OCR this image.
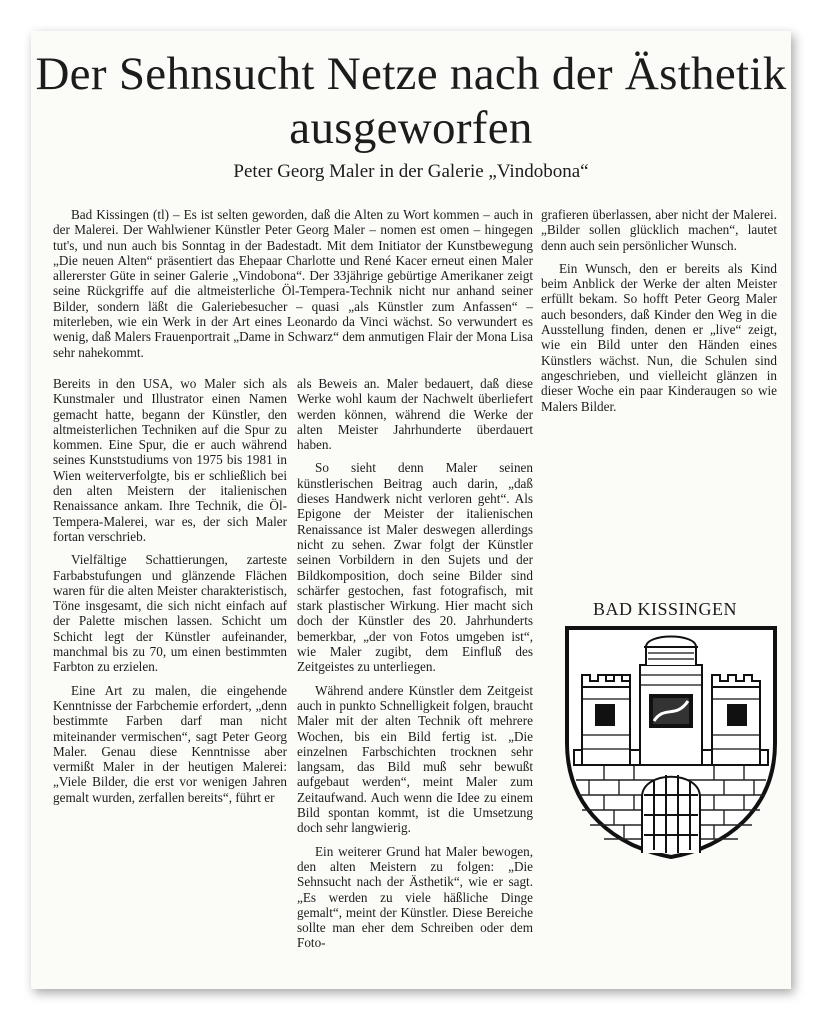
Der Sehnsucht Netze nach der Ästhetik ausgeworfen
Peter Georg Maler in der Galerie „Vindobona“

Bad Kissingen (tl) – Es ist selten geworden, daß die Alten zu Wort kommen – auch in der Malerei. Der Wahlwiener Künstler Peter Georg Maler – nomen est omen – hingegen tut's, und nun auch bis Sonntag in der Badestadt. Mit dem Initiator der Kunstbewegung „Die neuen Alten“ präsentiert das Ehepaar Charlotte und René Kacer erneut einen Maler allererster Güte in seiner Galerie „Vindobona“. Der 33jährige gebürtige Amerikaner zeigt seine Rückgriffe auf die altmeisterliche Öl-Tempera-Technik nicht nur anhand seiner Bilder, sondern läßt die Galeriebesucher – quasi „als Künstler zum Anfassen“ – miterleben, wie ein Werk in der Art eines Leonardo da Vinci wächst. So verwundert es wenig, daß Malers Frauenportrait „Dame in Schwarz“ dem anmutigen Flair der Mona Lisa sehr nahekommt.

Bereits in den USA, wo Maler sich als Kunstmaler und Illustrator einen Namen gemacht hatte, begann der Künstler, den altmeisterlichen Techniken auf die Spur zu kommen. Eine Spur, die er auch während seines Kunststudiums von 1975 bis 1981 in Wien weiterverfolgte, bis er schließlich bei den alten Meistern der italienischen Renaissance ankam. Ihre Technik, die Öl-Tempera-Malerei, war es, der sich Maler fortan verschrieb.

Vielfältige Schattierungen, zarteste Farbabstufungen und glänzende Flächen waren für die alten Meister charakteristisch, Töne insgesamt, die sich nicht einfach auf der Palette mischen lassen. Schicht um Schicht legt der Künstler aufeinander, manchmal bis zu 70, um einen bestimmten Farbton zu erzielen.

Eine Art zu malen, die eingehende Kenntnisse der Farbchemie erfordert, „denn bestimmte Farben darf man nicht miteinander vermischen“, sagt Peter Georg Maler. Genau diese Kenntnisse aber vermißt Maler in der heutigen Malerei: „Viele Bilder, die erst vor wenigen Jahren gemalt wurden, zerfallen bereits“, führt er

als Beweis an. Maler bedauert, daß diese Werke wohl kaum der Nachwelt überliefert werden können, während die Werke der alten Meister Jahrhunderte überdauert haben.

So sieht denn Maler seinen künstlerischen Beitrag auch darin, „daß dieses Handwerk nicht verloren geht“. Als Epigone der Meister der italienischen Renaissance ist Maler deswegen allerdings nicht zu sehen. Zwar folgt der Künstler seinen Vorbildern in den Sujets und der Bildkomposition, doch seine Bilder sind schärfer gestochen, fast fotografisch, mit stark plastischer Wirkung. Hier macht sich doch der Künstler des 20. Jahrhunderts bemerkbar, „der von Fotos umgeben ist“, wie Maler zugibt, dem Einfluß des Zeitgeistes zu unterliegen.

Während andere Künstler dem Zeitgeist auch in punkto Schnelligkeit folgen, braucht Maler mit der alten Technik oft mehrere Wochen, bis ein Bild fertig ist. „Die einzelnen Farbschichten trocknen sehr langsam, das Bild muß sehr bewußt aufgebaut werden“, meint Maler zum Zeitaufwand. Auch wenn die Idee zu einem Bild spontan kommt, ist die Umsetzung doch sehr langwierig.

Ein weiterer Grund hat Maler bewogen, den alten Meistern zu folgen: „Die Sehnsucht nach der Ästhetik“, wie er sagt. „Es werden zu viele häßliche Dinge gemalt“, meint der Künstler. Diese Bereiche sollte man eher dem Schreiben oder dem Foto-

grafieren überlassen, aber nicht der Malerei. „Bilder sollen glücklich machen“, lautet denn auch sein persönlicher Wunsch.

Ein Wunsch, den er bereits als Kind beim Anblick der Werke der alten Meister erfüllt bekam. So hofft Peter Georg Maler auch besonders, daß Kinder den Weg in die Ausstellung finden, denen er „live“ zeigt, wie ein Bild unter den Händen eines Künstlers wächst. Nun, die Schulen sind angeschrieben, und vielleicht glänzen in dieser Woche ein paar Kinderaugen so wie Malers Bilder.

BAD KISSINGEN
